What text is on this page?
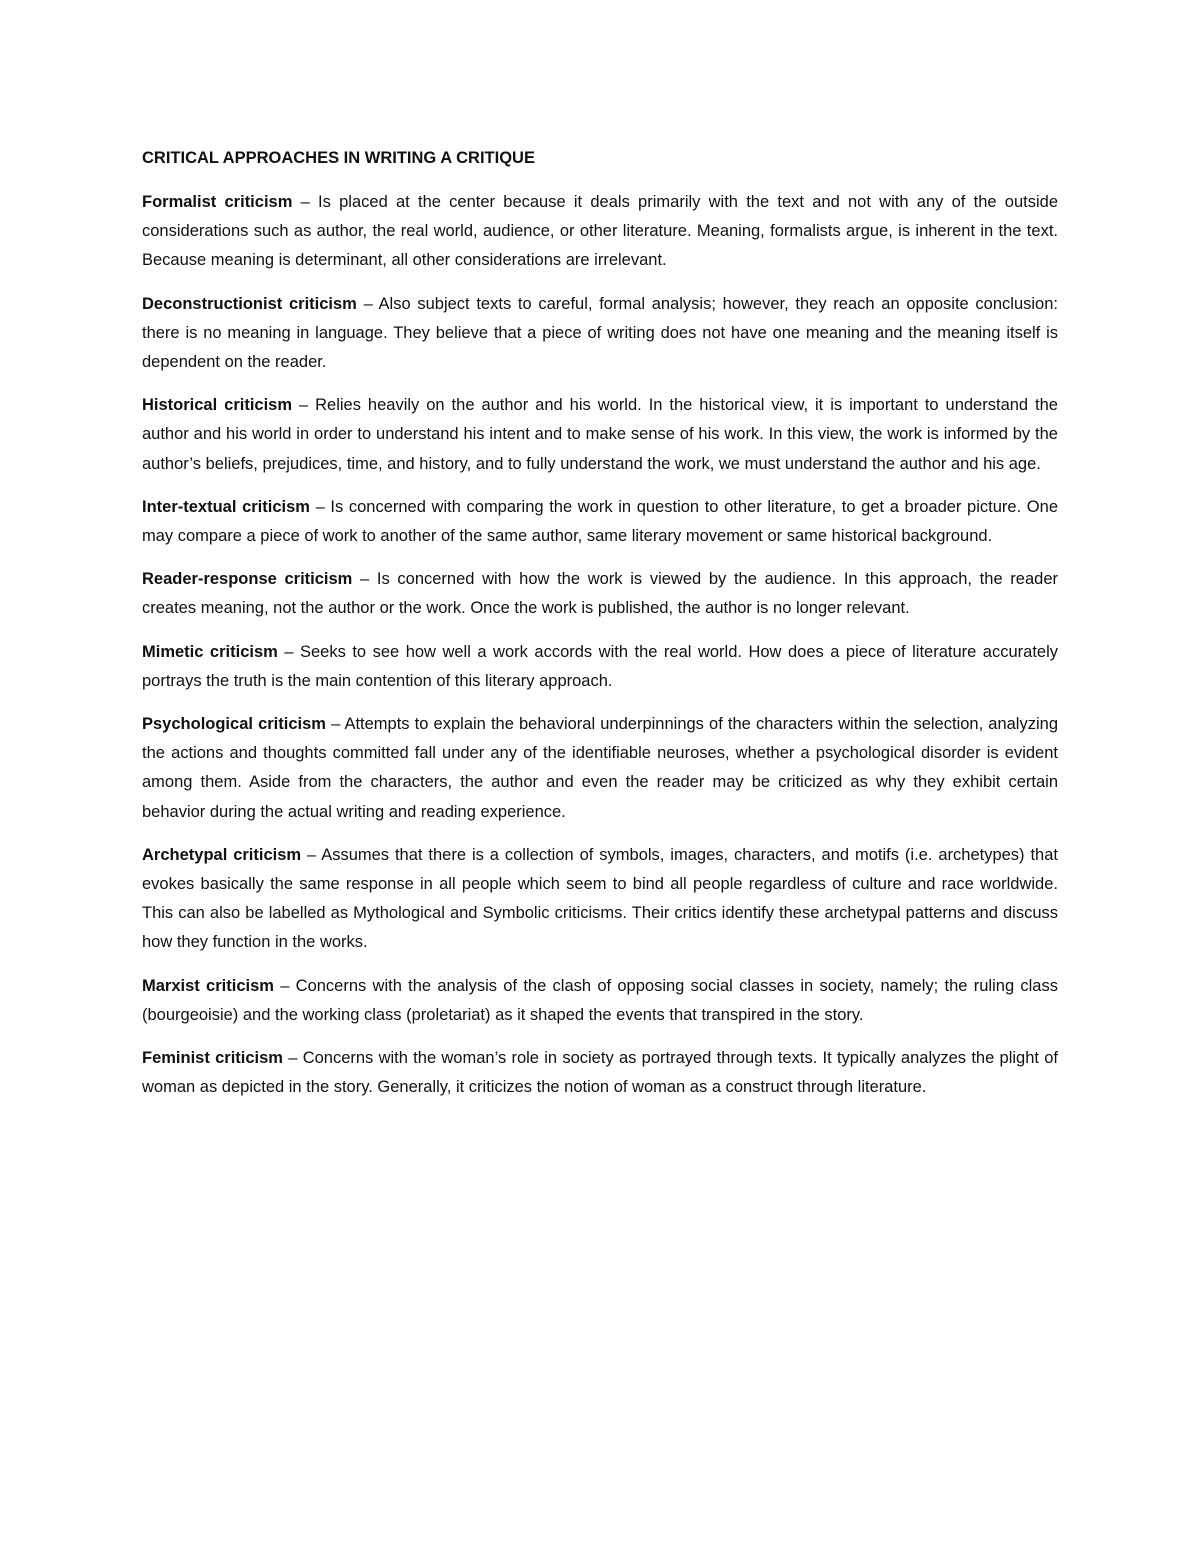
CRITICAL APPROACHES IN WRITING A CRITIQUE

Formalist criticism – Is placed at the center because it deals primarily with the text and not with any of the outside considerations such as author, the real world, audience, or other literature. Meaning, formalists argue, is inherent in the text. Because meaning is determinant, all other considerations are irrelevant.

Deconstructionist criticism – Also subject texts to careful, formal analysis; however, they reach an opposite conclusion: there is no meaning in language. They believe that a piece of writing does not have one meaning and the meaning itself is dependent on the reader.

Historical criticism – Relies heavily on the author and his world. In the historical view, it is important to understand the author and his world in order to understand his intent and to make sense of his work. In this view, the work is informed by the author’s beliefs, prejudices, time, and history, and to fully understand the work, we must understand the author and his age.

Inter-textual criticism – Is concerned with comparing the work in question to other literature, to get a broader picture. One may compare a piece of work to another of the same author, same literary movement or same historical background.

Reader-response criticism – Is concerned with how the work is viewed by the audience. In this approach, the reader creates meaning, not the author or the work. Once the work is published, the author is no longer relevant.

Mimetic criticism – Seeks to see how well a work accords with the real world. How does a piece of literature accurately portrays the truth is the main contention of this literary approach.

Psychological criticism – Attempts to explain the behavioral underpinnings of the characters within the selection, analyzing the actions and thoughts committed fall under any of the identifiable neuroses, whether a psychological disorder is evident among them. Aside from the characters, the author and even the reader may be criticized as why they exhibit certain behavior during the actual writing and reading experience.

Archetypal criticism – Assumes that there is a collection of symbols, images, characters, and motifs (i.e. archetypes) that evokes basically the same response in all people which seem to bind all people regardless of culture and race worldwide. This can also be labelled as Mythological and Symbolic criticisms. Their critics identify these archetypal patterns and discuss how they function in the works.

Marxist criticism – Concerns with the analysis of the clash of opposing social classes in society, namely; the ruling class (bourgeoisie) and the working class (proletariat) as it shaped the events that transpired in the story.

Feminist criticism – Concerns with the woman’s role in society as portrayed through texts. It typically analyzes the plight of woman as depicted in the story. Generally, it criticizes the notion of woman as a construct through literature.
